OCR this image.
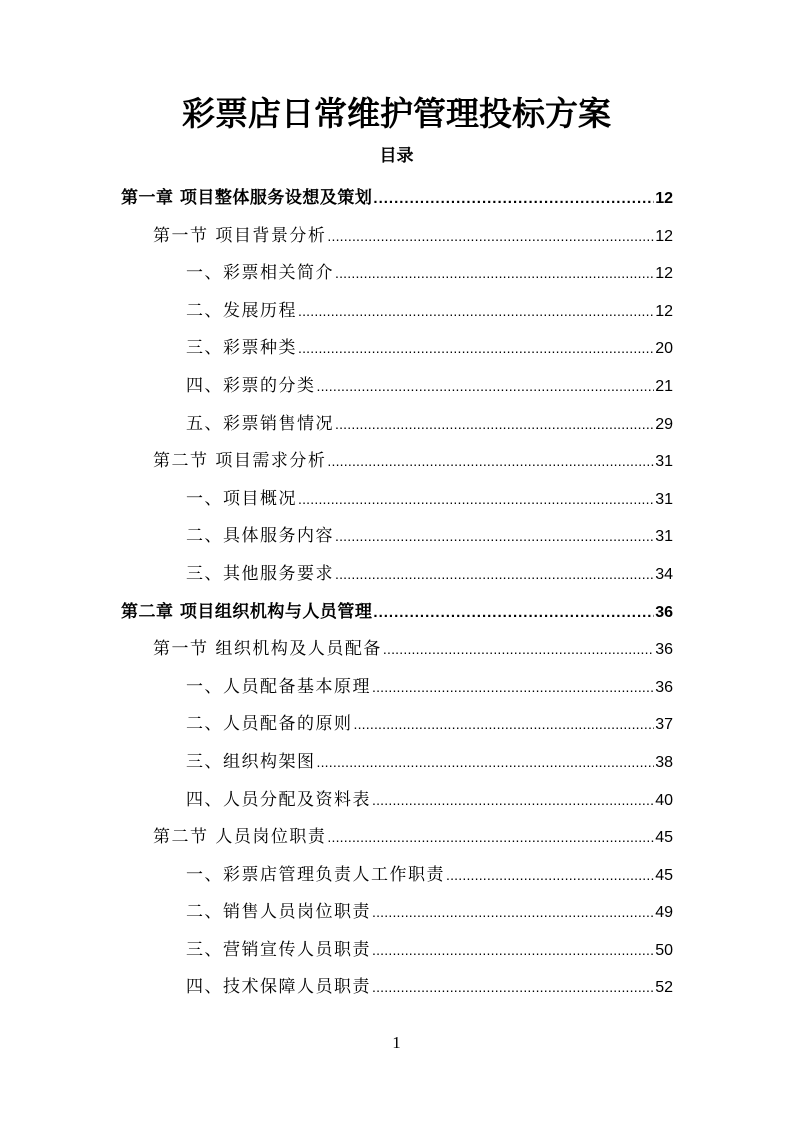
彩票店日常维护管理投标方案
目录
第一章 项目整体服务设想及策划 .....	12
第一节 项目背景分析 .....	12
一、彩票相关简介 .....	12
二、发展历程 .....	12
三、彩票种类 .....	20
四、彩票的分类 .....	21
五、彩票销售情况 .....	29
第二节 项目需求分析 .....	31
一、项目概况 .....	31
二、具体服务内容 .....	31
三、其他服务要求 .....	34
第二章 项目组织机构与人员管理 .....	36
第一节 组织机构及人员配备 .....	36
一、人员配备基本原理 .....	36
二、人员配备的原则 .....	37
三、组织构架图 .....	38
四、人员分配及资料表 .....	40
第二节 人员岗位职责 .....	45
一、彩票店管理负责人工作职责 .....	45
二、销售人员岗位职责 .....	49
三、营销宣传人员职责 .....	50
四、技术保障人员职责 .....	52
1
